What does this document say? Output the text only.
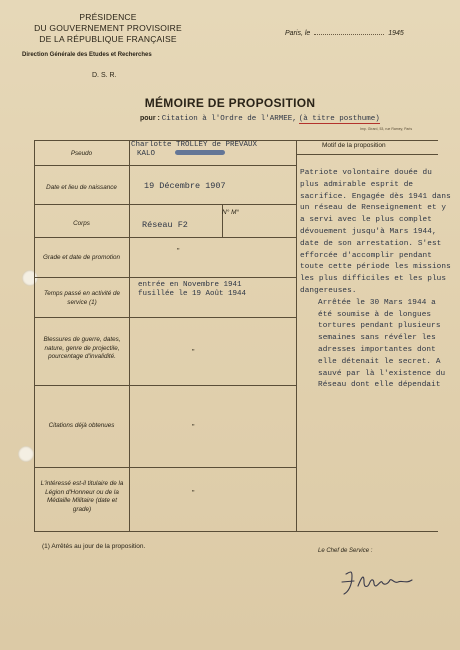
PRÉSIDENCE
DU GOUVERNEMENT PROVISOIRE
DE LA RÉPUBLIQUE FRANÇAISE
Direction Générale des Etudes et Recherches
D. S. R.
Paris, le	1945
MÉMOIRE DE PROPOSITION
pour : Citation à l'Ordre de l'ARMEE, (à titre posthume)
Imp. Girard, 53, rue Ramey, Paris
Pseudo
Date et lieu de naissance
Corps
Grade et date de promotion
Temps passé en activité de service (1)
Blessures de guerre, dates, nature, genre de projectile, pourcentage d'invalidité.
Citations déjà obtenues
L'intéressé est-il titulaire de la Légion d'Honneur ou de la Médaille Militaire (date et grade)
N° M°
Charlotte TROLLEY de PREVAUX
KALO
19 Décembre 1907
Réseau F2
"
entrée en Novembre 1941
fusillée le 19 Août 1944
"
"
"
Motif de la proposition

Patriote volontaire douée du plus admirable esprit de sacrifice. Engagée dès 1941 dans un réseau de Renseignement et y a servi avec le plus complet dévouement jusqu'à Mars 1944, date de son arrestation. S'est efforcée d'accomplir pendant toute cette période les missions les plus difficiles et les plus dangereuses.

Arrêtée le 30 Mars 1944 a été soumise à de longues tortures pendant plusieurs semaines sans révéler les adresses importantes dont elle détenait le secret. A sauvé par là l'existence du Réseau dont elle dépendait

(1) Arrêtés au jour de la proposition.
Le Chef de Service :
